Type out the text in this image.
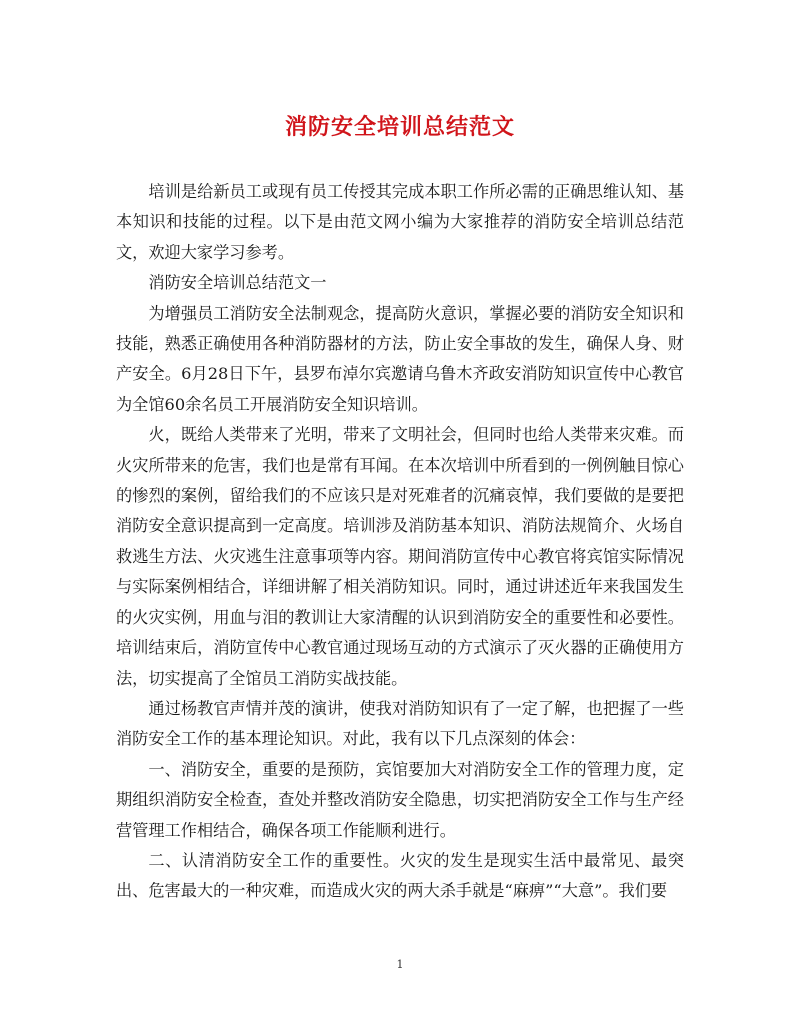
消防安全培训总结范文

培训是给新员工或现有员工传授其完成本职工作所必需的正确思维认知、基本知识和技能的过程。以下是由范文网小编为大家推荐的消防安全培训总结范文，欢迎大家学习参考。

消防安全培训总结范文一

为增强员工消防安全法制观念，提高防火意识，掌握必要的消防安全知识和技能，熟悉正确使用各种消防器材的方法，防止安全事故的发生，确保人身、财产安全。6月28日下午，县罗布淖尔宾邀请乌鲁木齐政安消防知识宣传中心教官为全馆60余名员工开展消防安全知识培训。

火，既给人类带来了光明，带来了文明社会，但同时也给人类带来灾难。而火灾所带来的危害，我们也是常有耳闻。在本次培训中所看到的一例例触目惊心的惨烈的案例，留给我们的不应该只是对死难者的沉痛哀悼，我们要做的是要把消防安全意识提高到一定高度。培训涉及消防基本知识、消防法规简介、火场自救逃生方法、火灾逃生注意事项等内容。期间消防宣传中心教官将宾馆实际情况与实际案例相结合，详细讲解了相关消防知识。同时，通过讲述近年来我国发生的火灾实例，用血与泪的教训让大家清醒的认识到消防安全的重要性和必要性。培训结束后，消防宣传中心教官通过现场互动的方式演示了灭火器的正确使用方法，切实提高了全馆员工消防实战技能。

通过杨教官声情并茂的演讲，使我对消防知识有了一定了解，也把握了一些消防安全工作的基本理论知识。对此，我有以下几点深刻的体会：

一、消防安全，重要的是预防，宾馆要加大对消防安全工作的管理力度，定期组织消防安全检查，查处并整改消防安全隐患，切实把消防安全工作与生产经营管理工作相结合，确保各项工作能顺利进行。

二、认清消防安全工作的重要性。火灾的发生是现实生活中最常见、最突出、危害最大的一种灾难，而造成火灾的两大杀手就是“麻痹”“大意”。我们要

1
